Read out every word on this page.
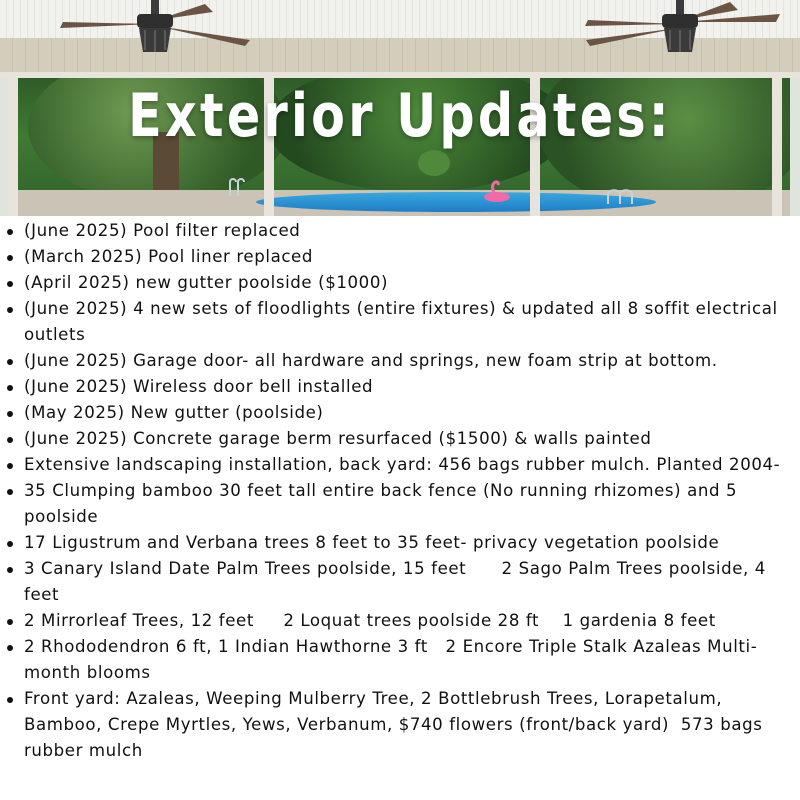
Exterior Updates:
(June 2025) Pool filter replaced
(March 2025) Pool liner replaced
(April 2025) new gutter poolside ($1000)
(June 2025) 4 new sets of floodlights (entire fixtures) & updated all 8 soffit electrical outlets
(June 2025) Garage door- all hardware and springs, new foam strip at bottom.
(June 2025) Wireless door bell installed
(May 2025) New gutter (poolside)
(June 2025) Concrete garage berm resurfaced ($1500) & walls painted
Extensive landscaping installation, back yard: 456 bags rubber mulch. Planted 2004-
35 Clumping bamboo 30 feet tall entire back fence (No running rhizomes) and 5 poolside
17 Ligustrum and Verbana trees 8 feet to 35 feet- privacy vegetation poolside
3 Canary Island Date Palm Trees poolside, 15 feet      2 Sago Palm Trees poolside, 4 feet
2 Mirrorleaf Trees, 12 feet     2 Loquat trees poolside 28 ft    1 gardenia 8 feet
2 Rhododendron 6 ft, 1 Indian Hawthorne 3 ft   2 Encore Triple Stalk Azaleas Multi-month blooms
Front yard: Azaleas, Weeping Mulberry Tree, 2 Bottlebrush Trees, Lorapetalum, Bamboo, Crepe Myrtles, Yews, Verbanum, $740 flowers (front/back yard)  573 bags rubber mulch
